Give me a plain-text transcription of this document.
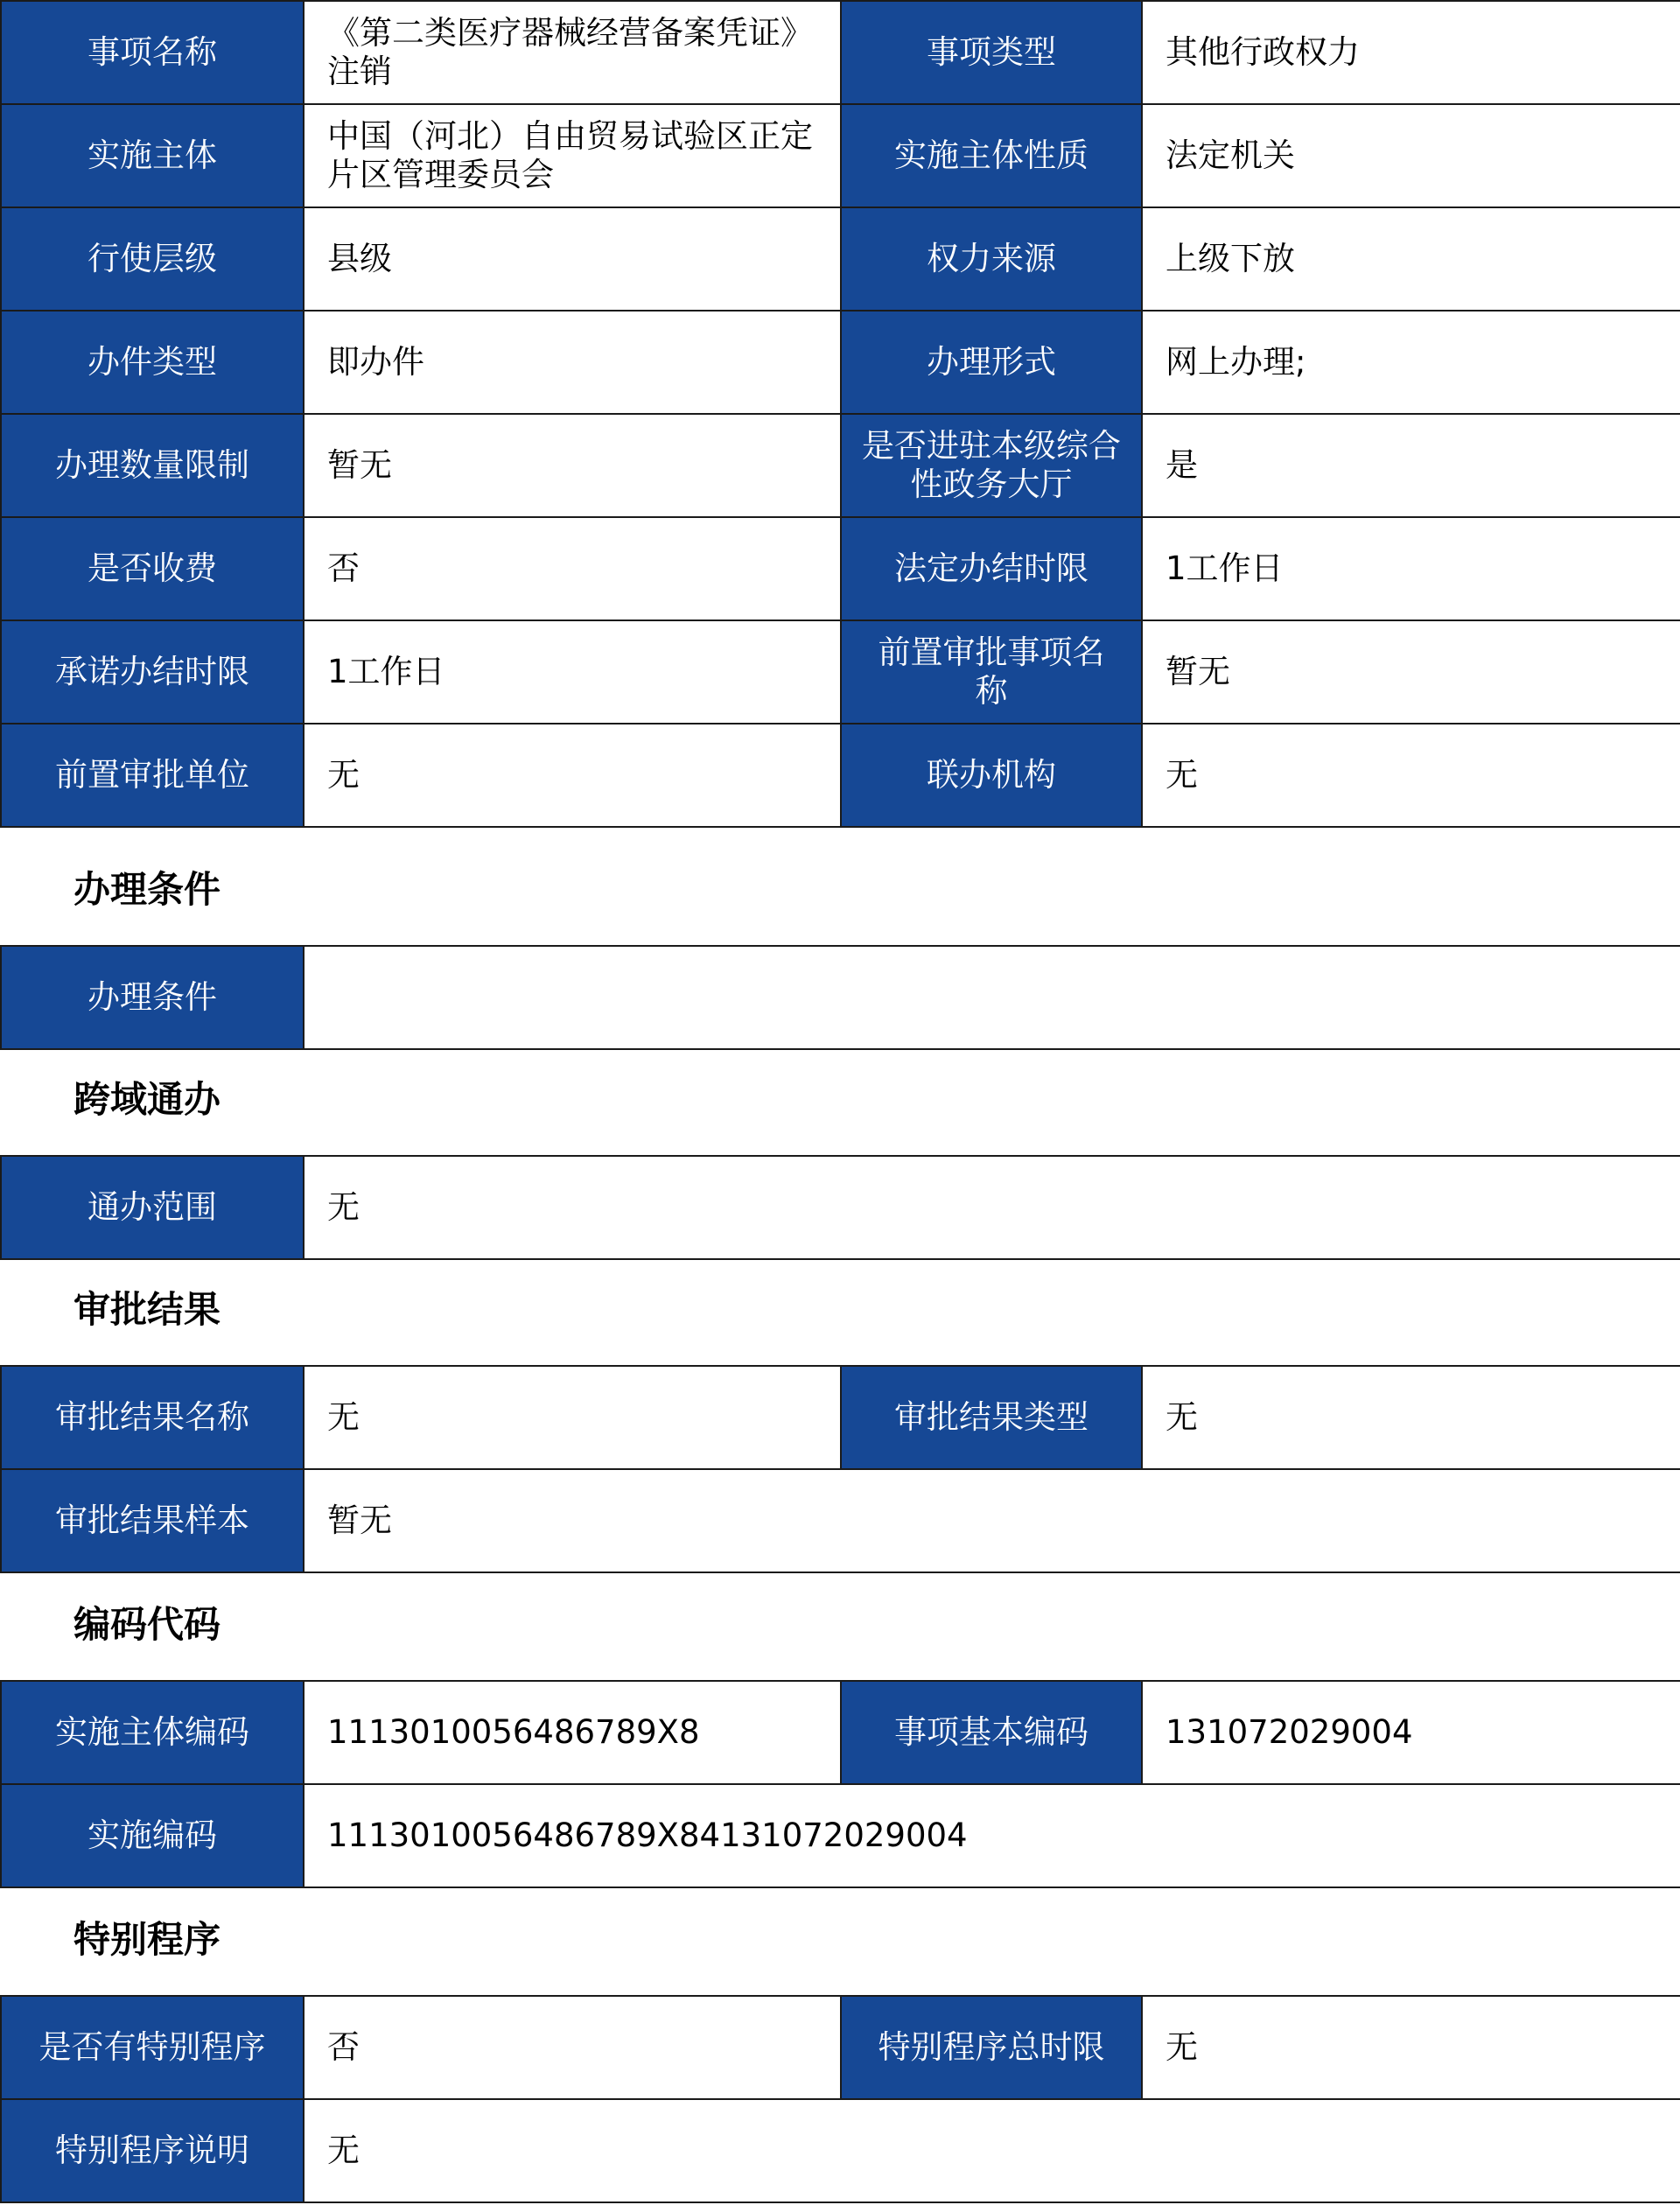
事项名称	《第二类医疗器械经营备案凭证》注销	事项类型	其他行政权力
实施主体	中国（河北）自由贸易试验区正定片区管理委员会	实施主体性质	法定机关
行使层级	县级	权力来源	上级下放
办件类型	即办件	办理形式	网上办理;
办理数量限制	暂无	是否进驻本级综合性政务大厅	是
是否收费	否	法定办结时限	1工作日
承诺办结时限	1工作日	前置审批事项名称	暂无
前置审批单位	无	联办机构	无
办理条件
办理条件	
跨域通办
通办范围	无
审批结果
审批结果名称	无	审批结果类型	无
审批结果样本	暂无		
编码代码
实施主体编码	1113010056486789X8	事项基本编码	131072029004
实施编码	1113010056486789X84131072029004		
特别程序
是否有特别程序	否	特别程序总时限	无
特别程序说明	无		
